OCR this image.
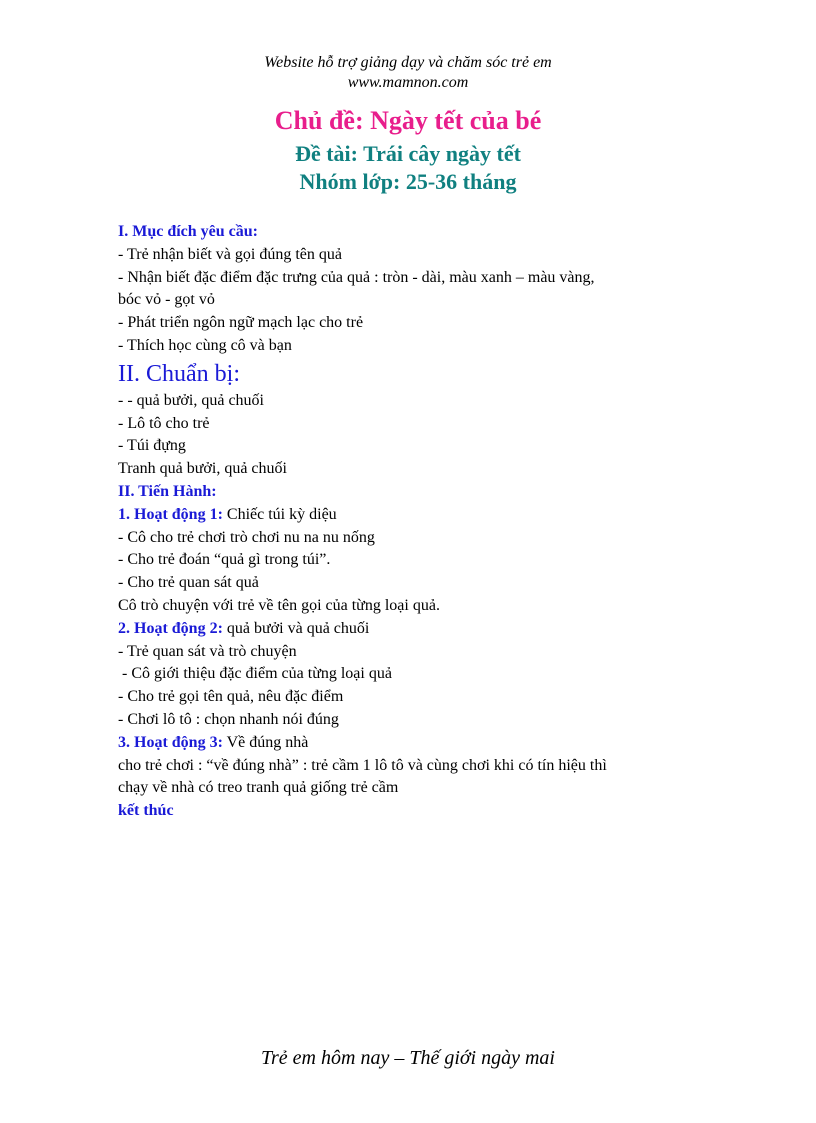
Website hỗ trợ giảng dạy và chăm sóc trẻ em
www.mamnon.com
Chủ đề: Ngày tết của bé
Đề tài: Trái cây ngày tết
Nhóm lớp: 25-36 tháng

I. Mục đích yêu cầu:

- Trẻ nhận biết và gọi đúng tên quả

- Nhận biết đặc điểm đặc trưng của quả : tròn - dài, màu xanh – màu vàng,

bóc vỏ - gọt vỏ

- Phát triển ngôn ngữ mạch lạc cho trẻ

- Thích học cùng cô và bạn

II. Chuẩn bị:

- - quả bưởi, quả chuối

- Lô tô cho trẻ

- Túi đựng

Tranh quả bưởi, quả chuối

II. Tiến Hành:

1. Hoạt động 1: Chiếc túi kỳ diệu

- Cô cho trẻ chơi trò chơi nu na nu nống

- Cho trẻ đoán “quả gì trong túi”.

- Cho trẻ quan sát quả

Cô trò chuyện với trẻ về tên gọi của từng loại quả.

2. Hoạt động 2: quả bưởi và quả chuối

- Trẻ quan sát và trò chuyện

- Cô giới thiệu đặc điểm của từng loại quả

- Cho trẻ gọi tên quả, nêu đặc điểm

- Chơi lô tô : chọn nhanh nói đúng

3. Hoạt động 3: Về đúng nhà

cho trẻ chơi : “về đúng nhà” : trẻ cầm 1 lô tô và cùng chơi khi có tín hiệu thì

chạy về nhà có treo tranh quả giống trẻ cầm

kết thúc

Trẻ em hôm nay – Thế giới ngày mai
